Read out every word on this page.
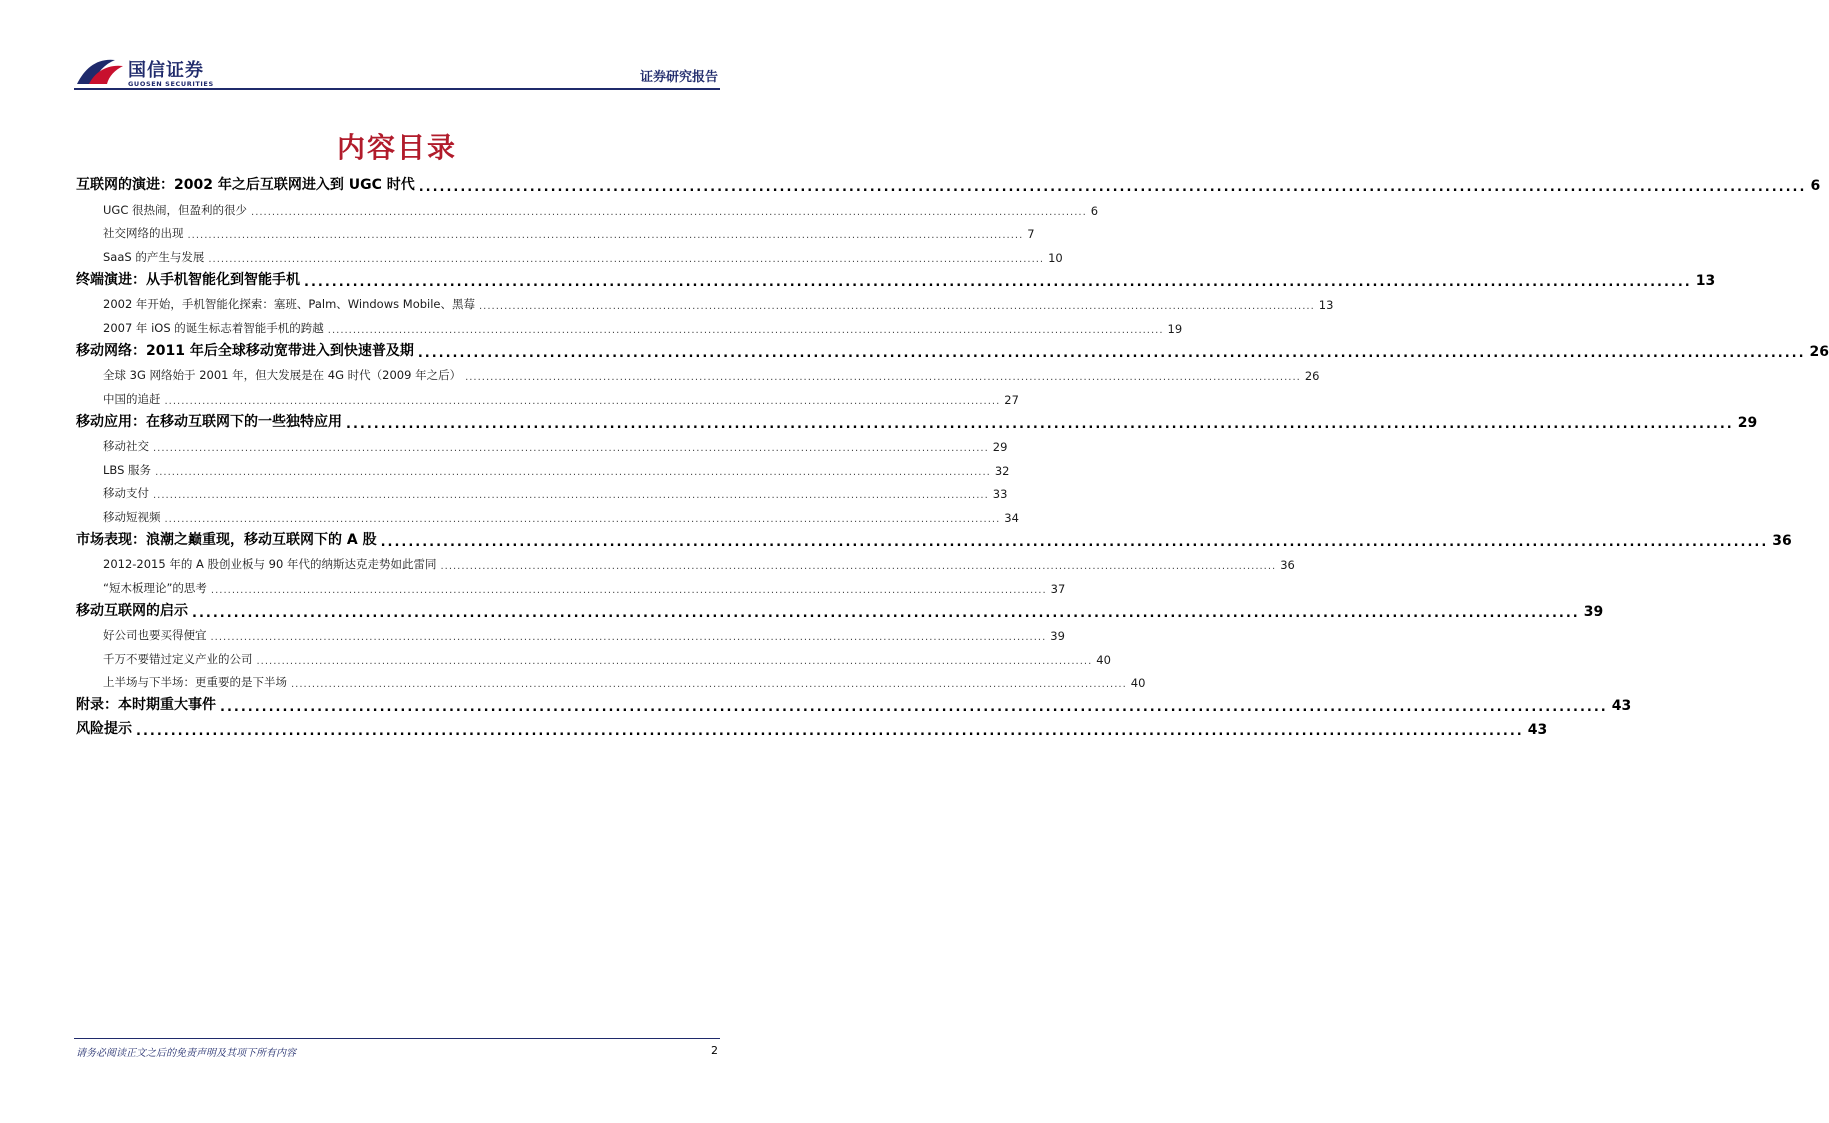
国信证券
GUOSEN SECURITIES	证券研究报告
内容目录
互联网的演进：2002 年之后互联网进入到 UGC 时代 ........................................................................................................................................................................................................ 6
UGC 很热闹，但盈利的很少 ........................................................................................................................................................................................................ 6
社交网络的出现 ........................................................................................................................................................................................................ 7
SaaS 的产生与发展 ........................................................................................................................................................................................................ 10
终端演进：从手机智能化到智能手机 ........................................................................................................................................................................................................ 13
2002 年开始，手机智能化探索：塞班、Palm、Windows Mobile、黑莓 ........................................................................................................................................................................................................ 13
2007 年 iOS 的诞生标志着智能手机的跨越 ........................................................................................................................................................................................................ 19
移动网络：2011 年后全球移动宽带进入到快速普及期 ........................................................................................................................................................................................................ 26
全球 3G 网络始于 2001 年，但大发展是在 4G 时代（2009 年之后） ........................................................................................................................................................................................................ 26
中国的追赶 ........................................................................................................................................................................................................ 27
移动应用：在移动互联网下的一些独特应用 ........................................................................................................................................................................................................ 29
移动社交 ........................................................................................................................................................................................................ 29
LBS 服务 ........................................................................................................................................................................................................ 32
移动支付 ........................................................................................................................................................................................................ 33
移动短视频 ........................................................................................................................................................................................................ 34
市场表现：浪潮之巅重现，移动互联网下的 A 股 ........................................................................................................................................................................................................ 36
2012-2015 年的 A 股创业板与 90 年代的纳斯达克走势如此雷同 ........................................................................................................................................................................................................ 36
“短木板理论”的思考 ........................................................................................................................................................................................................ 37
移动互联网的启示 ........................................................................................................................................................................................................ 39
好公司也要买得便宜 ........................................................................................................................................................................................................ 39
千万不要错过定义产业的公司 ........................................................................................................................................................................................................ 40
上半场与下半场：更重要的是下半场 ........................................................................................................................................................................................................ 40
附录：本时期重大事件 ........................................................................................................................................................................................................ 43
风险提示 ........................................................................................................................................................................................................ 43
请务必阅读正文之后的免责声明及其项下所有内容	2
